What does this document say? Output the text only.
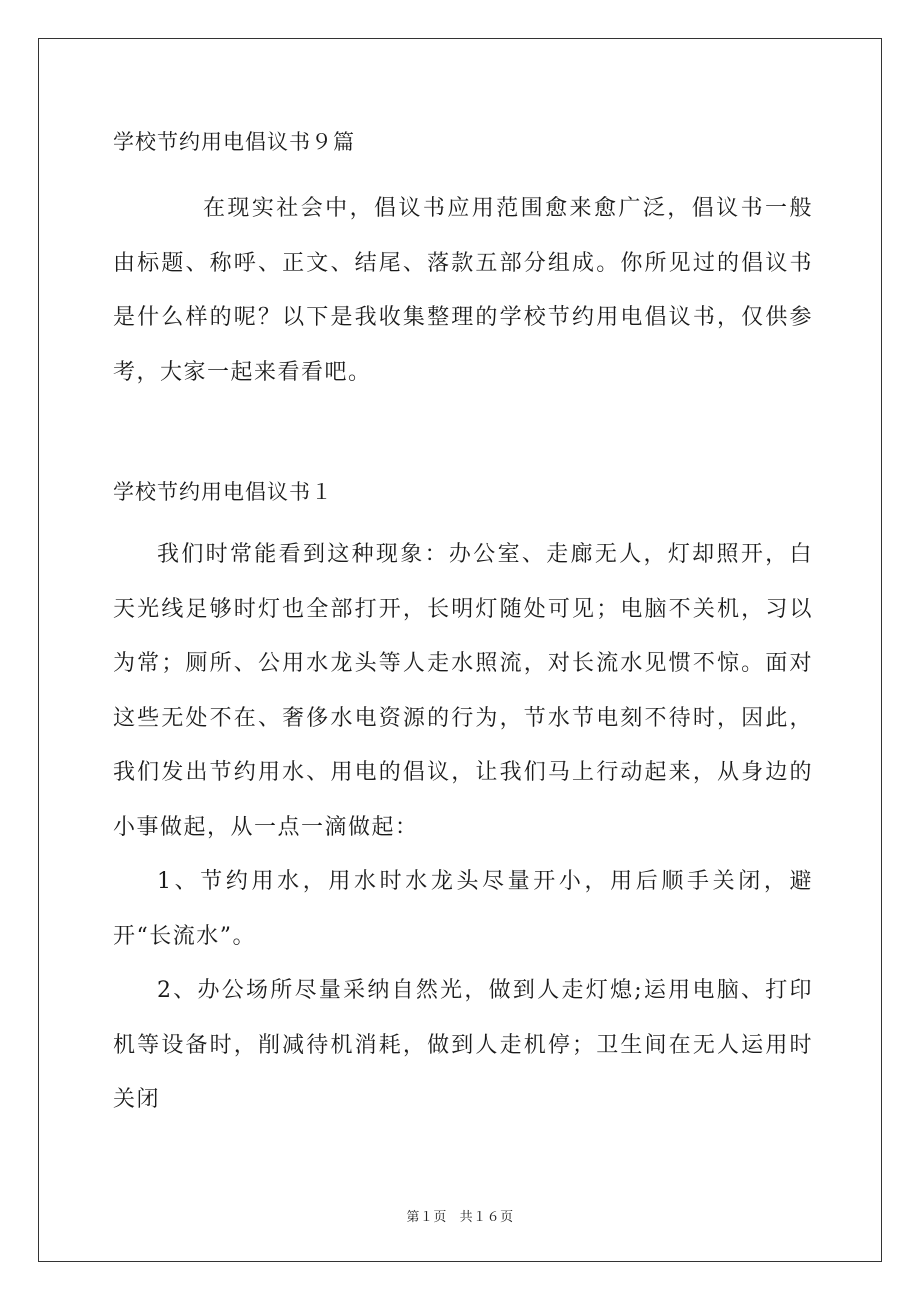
学校节约用电倡议书９篇

在现实社会中，倡议书应用范围愈来愈广泛，倡议书一般由标题、称呼、正文、结尾、落款五部分组成。你所见过的倡议书是什么样的呢？以下是我收集整理的学校节约用电倡议书，仅供参考，大家一起来看看吧。

学校节约用电倡议书１

我们时常能看到这种现象：办公室、走廊无人，灯却照开，白天光线足够时灯也全部打开，长明灯随处可见；电脑不关机，习以为常；厕所、公用水龙头等人走水照流，对长流水见惯不惊。面对这些无处不在、奢侈水电资源的行为，节水节电刻不待时，因此，我们发出节约用水、用电的倡议，让我们马上行动起来，从身边的小事做起，从一点一滴做起：

1、节约用水，用水时水龙头尽量开小，用后顺手关闭，避开“长流水”。

2、办公场所尽量采纳自然光，做到人走灯熄;运用电脑、打印机等设备时，削减待机消耗，做到人走机停；卫生间在无人运用时关闭

第１页 共１６页
